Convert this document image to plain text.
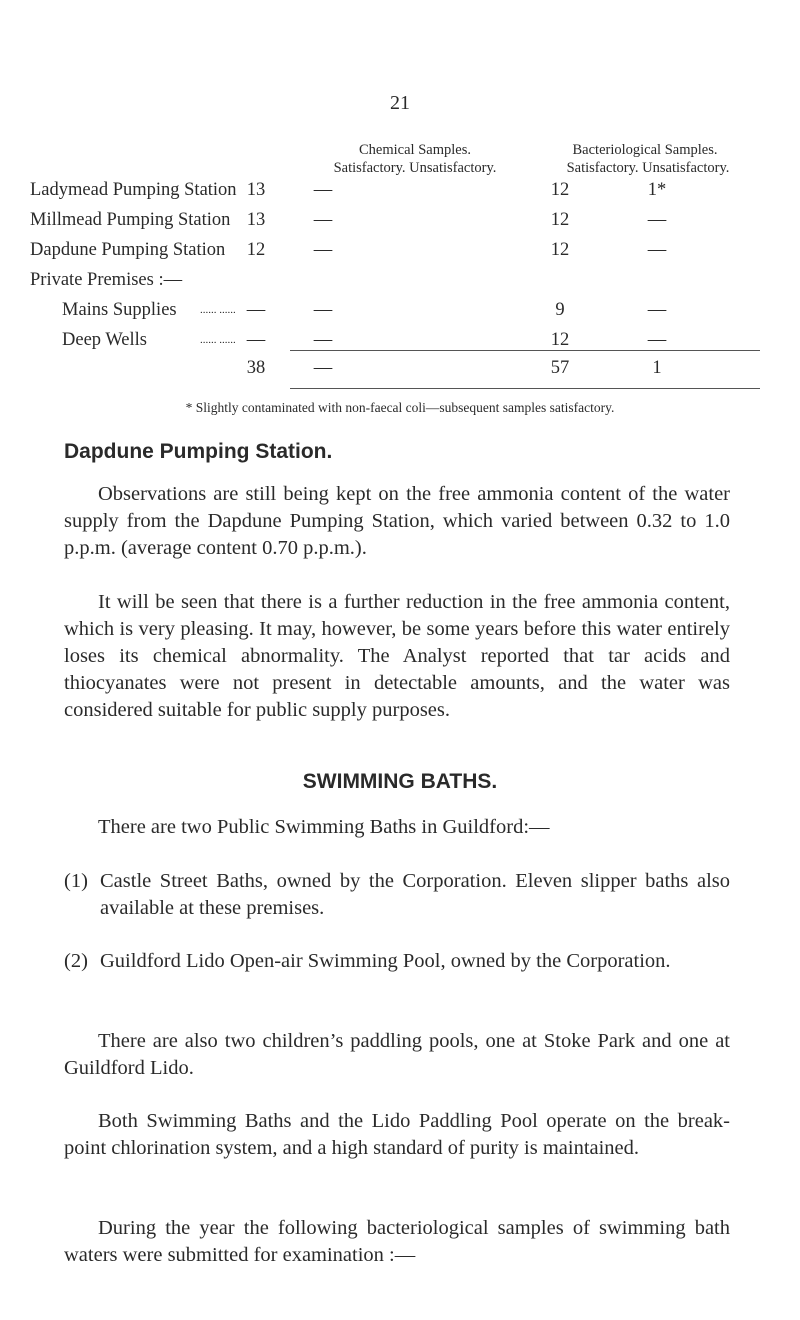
21
Chemical Samples.	Bacteriological Samples.
Satisfactory. Unsatisfactory.	Satisfactory. Unsatisfactory.
Ladymead Pumping Station 13	—	12	1*
Millmead Pumping Station 13	—	12	—
Dapdune Pumping Station	12	—	12	—
Private Premises :—
Mains Supplies ...... ...... —	—	9	—
Deep Wells	...... ...... —	—	12	—
38	—	57	1
* Slightly contaminated with non-faecal coli—subsequent samples satisfactory.
Dapdune Pumping Station.
Observations are still being kept on the free ammonia content of the water supply from the Dapdune Pumping Station, which varied between 0.32 to 1.0 p.p.m. (average content 0.70 p.p.m.).
It will be seen that there is a further reduction in the free ammonia content, which is very pleasing. It may, however, be some years before this water entirely loses its chemical abnormality. The Analyst reported that tar acids and thiocyanates were not present in detectable amounts, and the water was considered suitable for public supply purposes.
SWIMMING BATHS.
There are two Public Swimming Baths in Guildford:—
(1) Castle Street Baths, owned by the Corporation. Eleven slipper baths also available at these premises.
(2) Guildford Lido Open-air Swimming Pool, owned by the Corporation.
There are also two children’s paddling pools, one at Stoke Park and one at Guildford Lido.
Both Swimming Baths and the Lido Paddling Pool operate on the break-point chlorination system, and a high standard of purity is maintained.
During the year the following bacteriological samples of swimming bath waters were submitted for examination :—
